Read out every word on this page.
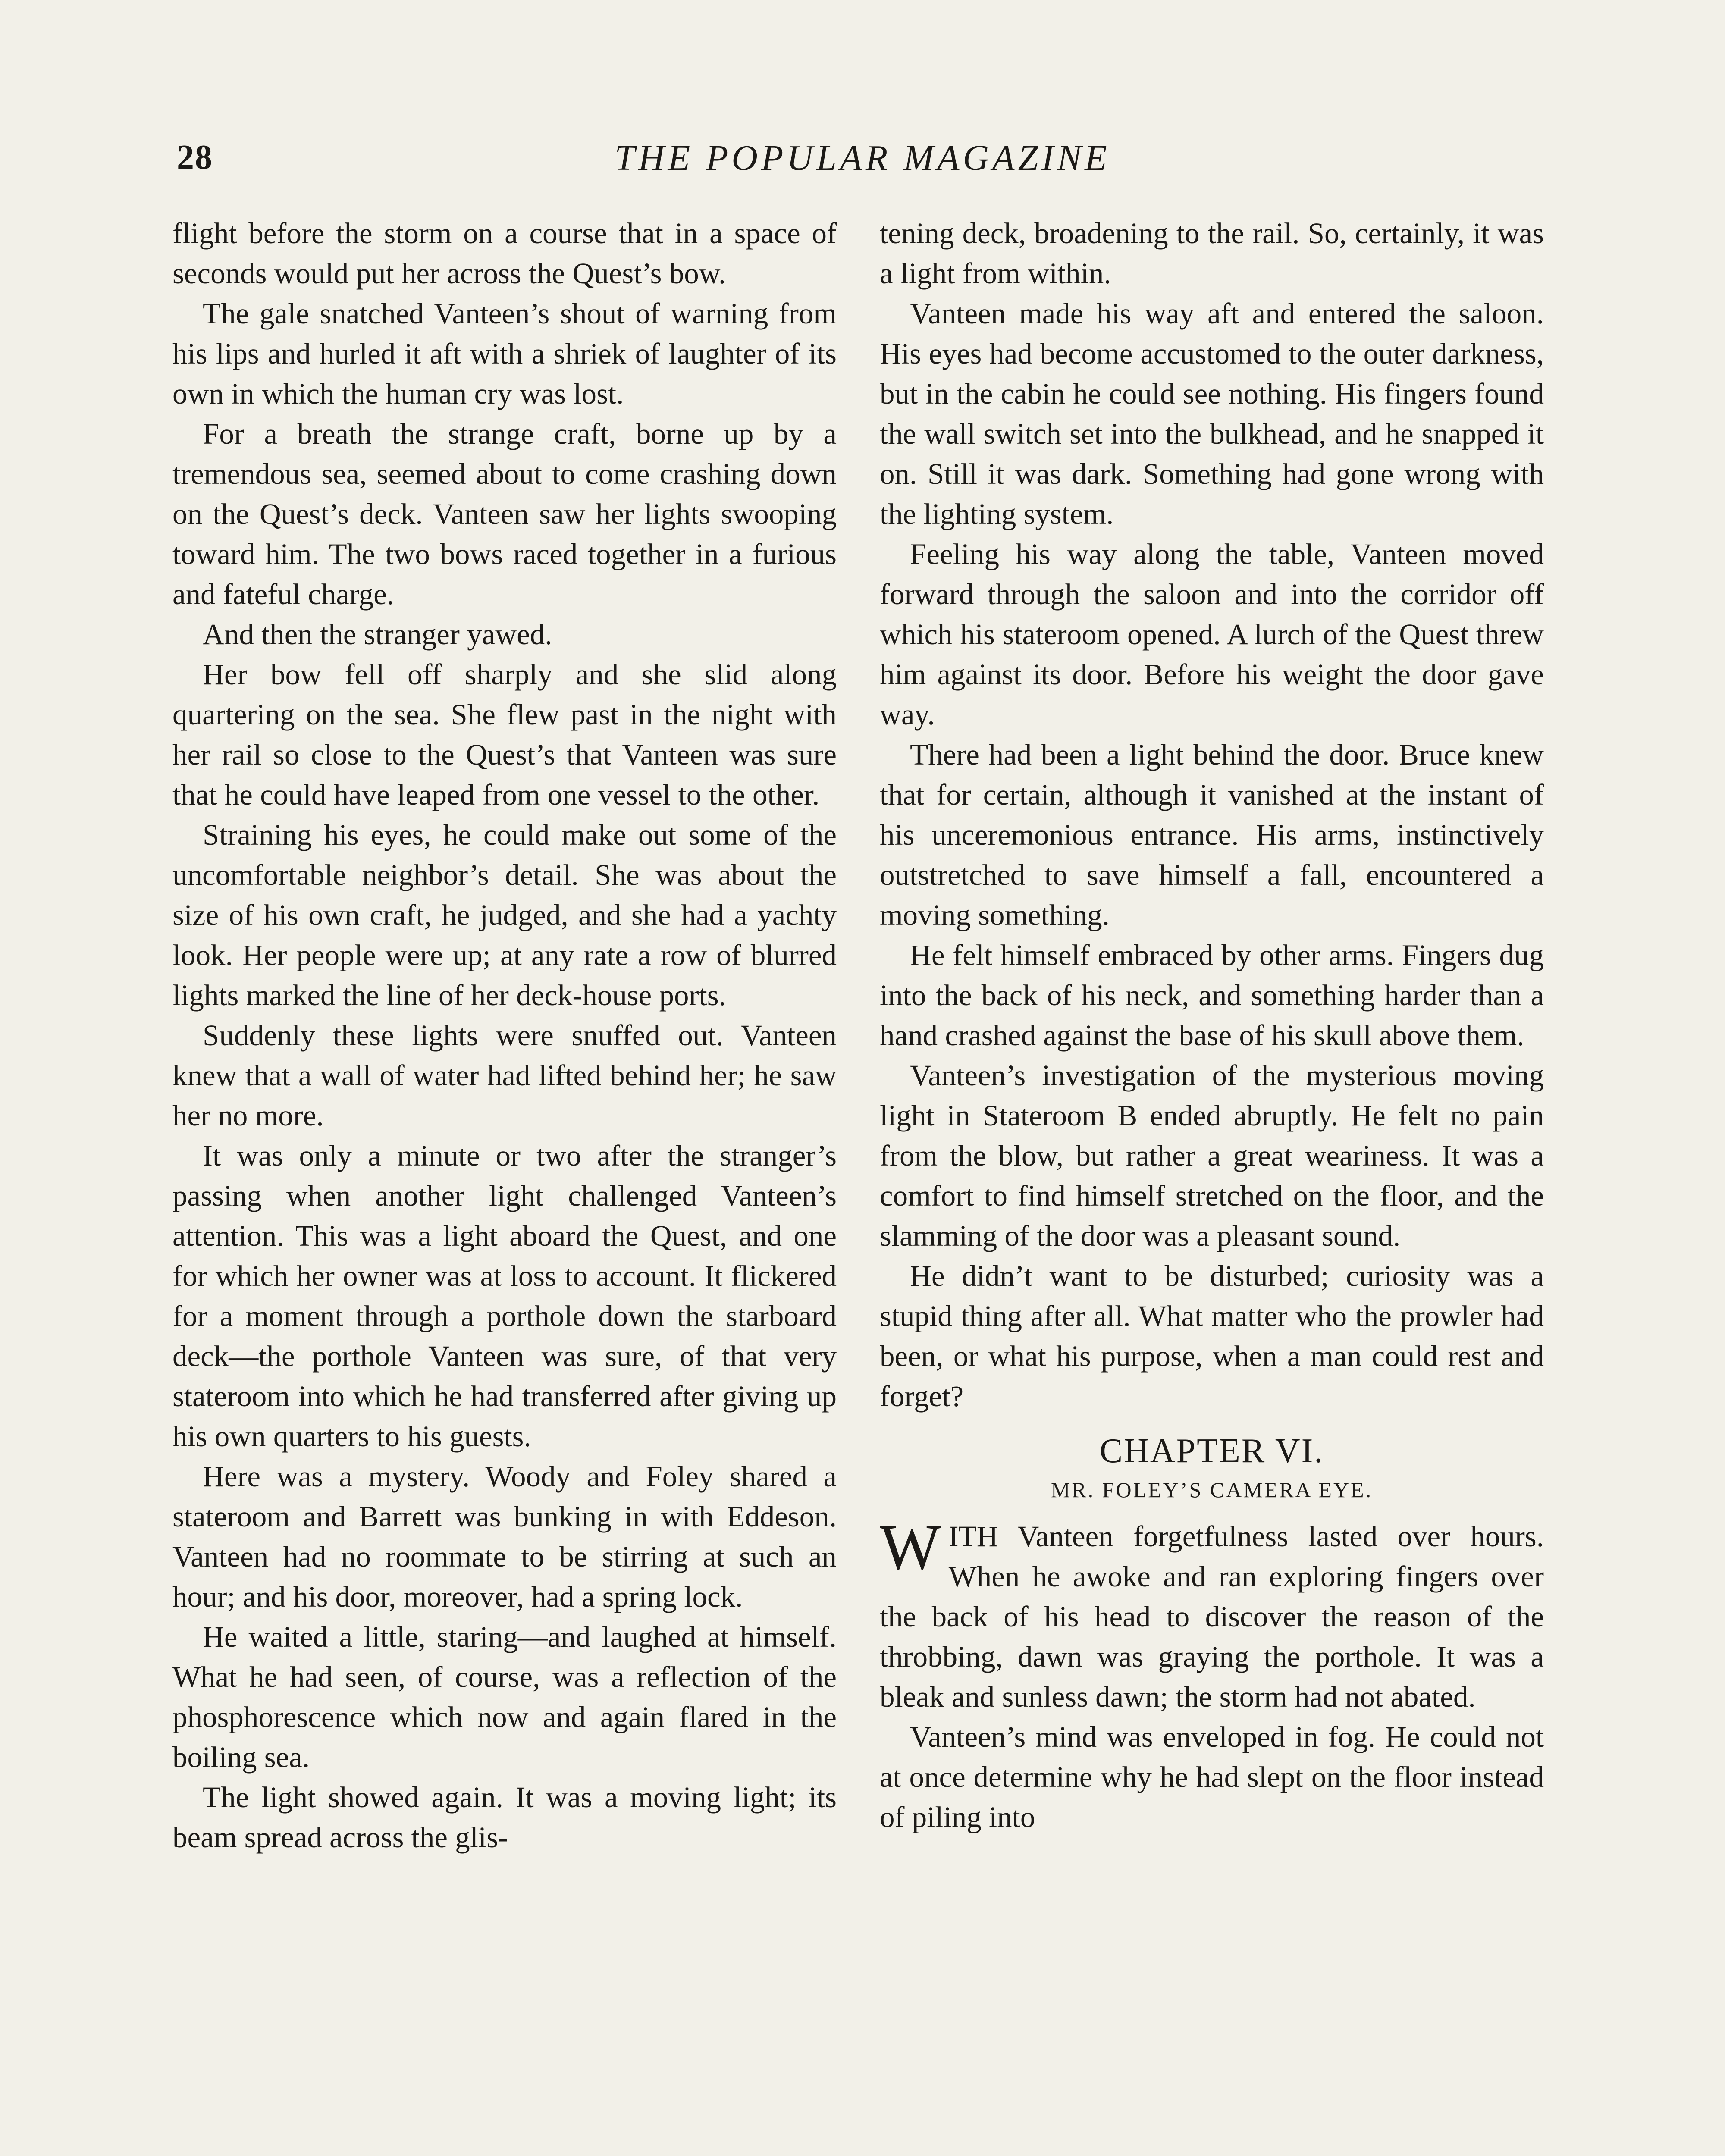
28	THE POPULAR MAGAZINE

flight before the storm on a course that in a space of seconds would put her across the Quest’s bow.

The gale snatched Vanteen’s shout of warning from his lips and hurled it aft with a shriek of laughter of its own in which the human cry was lost.

For a breath the strange craft, borne up by a tremendous sea, seemed about to come crashing down on the Quest’s deck. Vanteen saw her lights swooping toward him. The two bows raced together in a furious and fateful charge.

And then the stranger yawed.

Her bow fell off sharply and she slid along quartering on the sea. She flew past in the night with her rail so close to the Quest’s that Vanteen was sure that he could have leaped from one vessel to the other.

Straining his eyes, he could make out some of the uncomfortable neighbor’s detail. She was about the size of his own craft, he judged, and she had a yachty look. Her people were up; at any rate a row of blurred lights marked the line of her deck-house ports.

Suddenly these lights were snuffed out. Vanteen knew that a wall of water had lifted behind her; he saw her no more.

It was only a minute or two after the stranger’s passing when another light challenged Vanteen’s attention. This was a light aboard the Quest, and one for which her owner was at loss to account. It flickered for a moment through a porthole down the starboard deck—the porthole Vanteen was sure, of that very stateroom into which he had transferred after giving up his own quarters to his guests.

Here was a mystery. Woody and Foley shared a stateroom and Barrett was bunking in with Eddeson. Vanteen had no roommate to be stirring at such an hour; and his door, moreover, had a spring lock.

He waited a little, staring—and laughed at himself. What he had seen, of course, was a reflection of the phosphorescence which now and again flared in the boiling sea.

The light showed again. It was a moving light; its beam spread across the glis-

tening deck, broadening to the rail. So, certainly, it was a light from within.

Vanteen made his way aft and entered the saloon. His eyes had become accustomed to the outer darkness, but in the cabin he could see nothing. His fingers found the wall switch set into the bulkhead, and he snapped it on. Still it was dark. Something had gone wrong with the lighting system.

Feeling his way along the table, Vanteen moved forward through the saloon and into the corridor off which his stateroom opened. A lurch of the Quest threw him against its door. Before his weight the door gave way.

There had been a light behind the door. Bruce knew that for certain, although it vanished at the instant of his unceremonious entrance. His arms, instinctively outstretched to save himself a fall, encountered a moving something.

He felt himself embraced by other arms. Fingers dug into the back of his neck, and something harder than a hand crashed against the base of his skull above them.

Vanteen’s investigation of the mysterious moving light in Stateroom B ended abruptly. He felt no pain from the blow, but rather a great weariness. It was a comfort to find himself stretched on the floor, and the slamming of the door was a pleasant sound.

He didn’t want to be disturbed; curiosity was a stupid thing after all. What matter who the prowler had been, or what his purpose, when a man could rest and forget?

CHAPTER VI.
MR. FOLEY’S CAMERA EYE.

WITH Vanteen forgetfulness lasted over hours. When he awoke and ran exploring fingers over the back of his head to discover the reason of the throbbing, dawn was graying the porthole. It was a bleak and sunless dawn; the storm had not abated.

Vanteen’s mind was enveloped in fog. He could not at once determine why he had slept on the floor instead of piling into
